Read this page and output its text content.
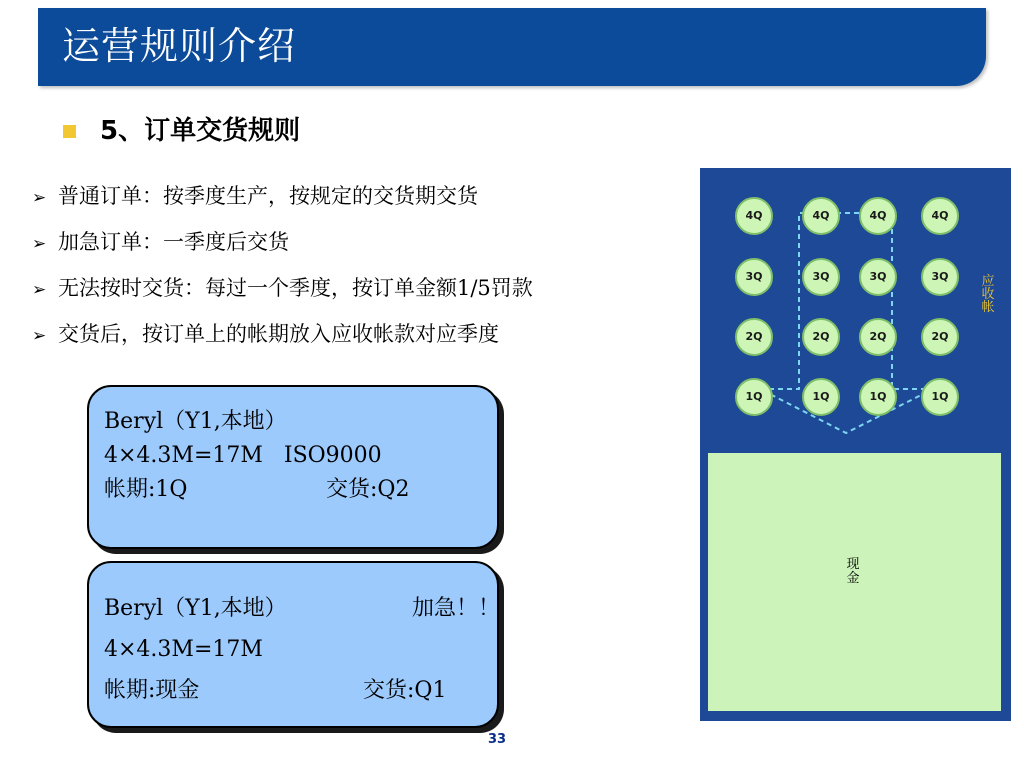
运营规则介绍
5、订单交货规则
➢ 普通订单：按季度生产，按规定的交货期交货
➢ 加急订单：一季度后交货
➢ 无法按时交货：每过一个季度，按订单金额1/5罚款
➢ 交货后，按订单上的帐期放入应收帐款对应季度
Beryl（Y1,本地）
4×4.3M=17M   ISO9000
帐期:1Q	交货:Q2
Beryl（Y1,本地）	加急！！
4×4.3M=17M
帐期:现金	交货:Q1
4Q	4Q	4Q	4Q
3Q	3Q	3Q	3Q
2Q	2Q	2Q	2Q
1Q	1Q	1Q	1Q
应收帐
现金
33
